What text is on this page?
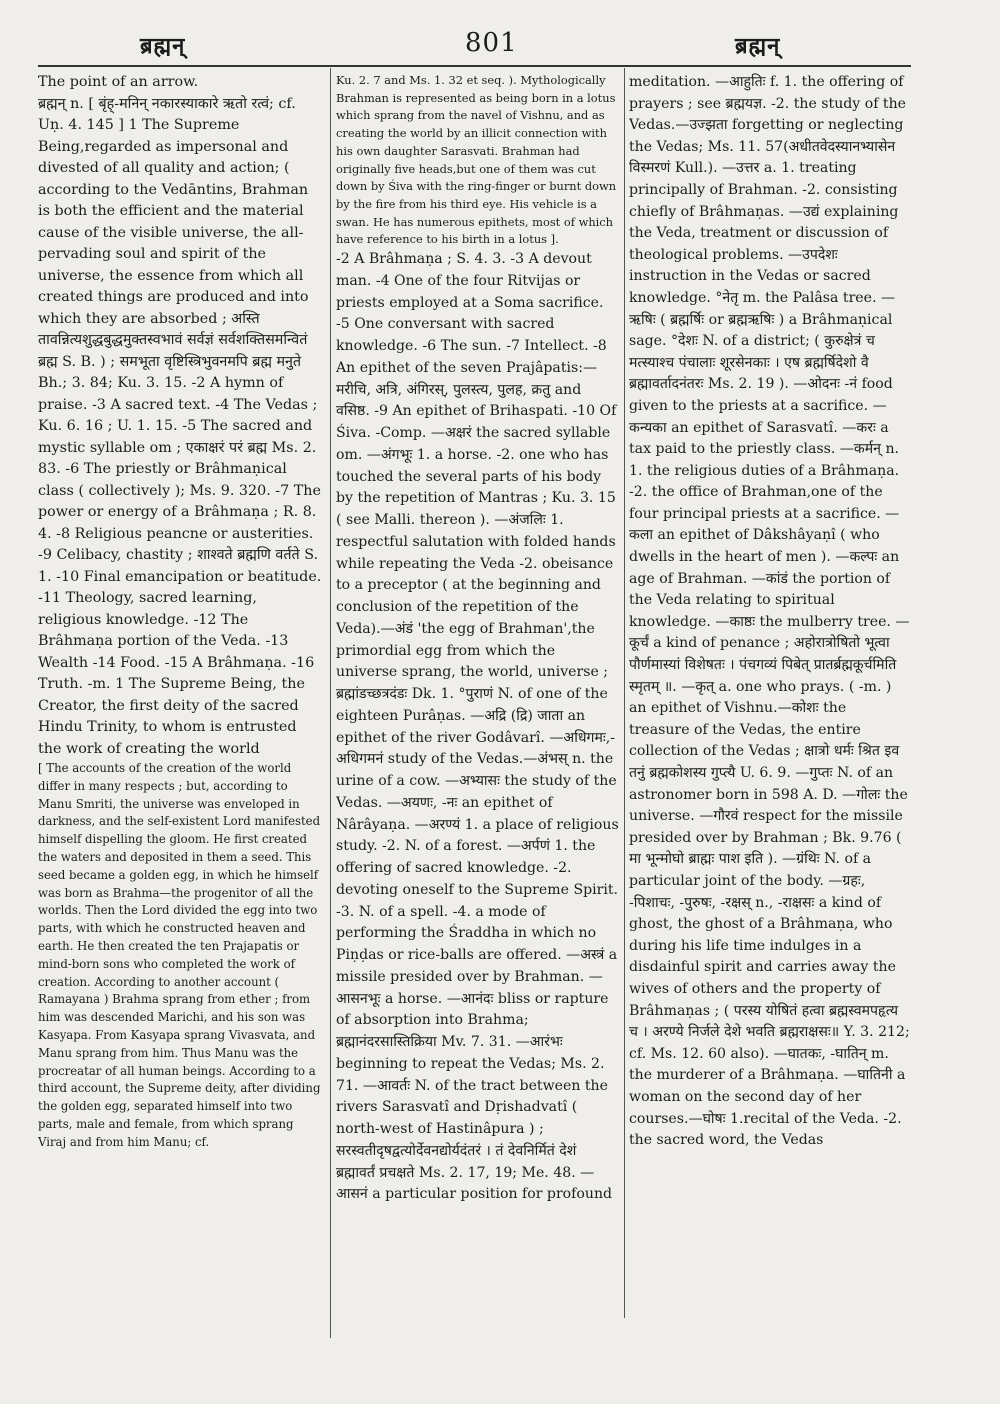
ब्रह्मन्	801	ब्रह्मन्

The point of an arrow.
ब्रह्मन् n. [ बृंह्-मनिन् नकारस्याकारे ऋतो रत्वं; cf. Uṇ. 4. 145 ] 1 The Supreme Being,regarded as impersonal and divested of all quality and action; ( according to the Vedāntins, Brahman is both the efficient and the material cause of the visible universe, the all-pervading soul and spirit of the universe, the essence from which all created things are produced and into which they are absorbed ; अस्ति तावन्नित्यशुद्धबुद्धमुक्तस्वभावं सर्वज्ञं सर्वशक्तिसमन्वितं ब्रह्म S. B. ) ; समभूता वृष्टिस्त्रिभुवनमपि ब्रह्म मनुते Bh.; 3. 84; Ku. 3. 15. -2 A hymn of praise. -3 A sacred text. -4 The Vedas ; Ku. 6. 16 ; U. 1. 15. -5 The sacred and mystic syllable om ; एकाक्षरं परं ब्रह्म Ms. 2. 83. -6 The priestly or Brâhmaṇical class ( collectively ); Ms. 9. 320. -7 The power or energy of a Brâhmaṇa ; R. 8. 4. -8 Religious peancne or austerities. -9 Celibacy, chastity ; शाश्वते ब्रह्मणि वर्तते S. 1. -10 Final emancipation or beatitude. -11 Theology, sacred learning, religious knowledge. -12 The Brâhmaṇa portion of the Veda. -13 Wealth -14 Food. -15 A Brâhmaṇa. -16 Truth. -m. 1 The Supreme Being, the Creator, the first deity of the sacred Hindu Trinity, to whom is entrusted the work of creating the world

[ The accounts of the creation of the world differ in many respects ; but, according to Manu Smriti, the universe was enveloped in darkness, and the self-existent Lord manifested himself dispelling the gloom. He first created the waters and deposited in them a seed. This seed became a golden egg, in which he himself was born as Brahma—the progenitor of all the worlds. Then the Lord divided the egg into two parts, with which he constructed heaven and earth. He then created the ten Prajapatis or mind-born sons who completed the work of creation. According to another account ( Ramayana ) Brahma sprang from ether ; from him was descended Marichi, and his son was Kasyapa. From Kasyapa sprang Vivasvata, and Manu sprang from him. Thus Manu was the procreatar of all human beings. According to a third account, the Supreme deity, after dividing the golden egg, separated himself into two parts, male and female, from which sprang Viraj and from him Manu; cf.

Ku. 2. 7 and Ms. 1. 32 et seq. ). Mythologically Brahman is represented as being born in a lotus which sprang from the navel of Vishnu, and as creating the world by an illicit connection with his own daughter Sarasvati. Brahman had originally five heads,but one of them was cut down by Śiva with the ring-finger or burnt down by the fire from his third eye. His vehicle is a swan. He has numerous epithets, most of which have reference to his birth in a lotus ].

-2 A Brâhmaṇa ; S. 4. 3. -3 A devout man. -4 One of the four Ritvijas or priests employed at a Soma sacrifice. -5 One conversant with sacred knowledge. -6 The sun. -7 Intellect. -8 An epithet of the seven Prajâpatis:—मरीचि, अत्रि, अंगिरस्, पुलस्त्य, पुलह, क्रतु and वसिष्ठ. -9 An epithet of Brihaspati. -10 Of Śiva. -Comp. —अक्षरं the sacred syllable om. —अंगभूः 1. a horse. -2. one who has touched the several parts of his body by the repetition of Mantras ; Ku. 3. 15 ( see Malli. thereon ). —अंजलिः 1. respectful salutation with folded hands while repeating the Veda -2. obeisance to a preceptor ( at the beginning and conclusion of the repetition of the Veda).—अंडं 'the egg of Brahman',the primordial egg from which the universe sprang, the world, universe ; ब्रह्मांडच्छत्रदंडः Dk. 1. °पुराणं N. of one of the eighteen Purâṇas. —अद्रि (द्रि) जाता an epithet of the river Godâvarî. —अधिगमः,-अधिगमनं study of the Vedas.—अंभस् n. the urine of a cow. —अभ्यासः the study of the Vedas. —अयणः, -नः an epithet of Nârâyaṇa. —अरण्यं 1. a place of religious study. -2. N. of a forest. —अर्पणं 1. the offering of sacred knowledge. -2. devoting oneself to the Supreme Spirit. -3. N. of a spell. -4. a mode of performing the Śraddha in which no Piṇḍas or rice-balls are offered. —अस्त्रं a missile presided over by Brahman. —आसनभूः a horse. —आनंदः bliss or rapture of absorption into Brahma; ब्रह्मानंदरसास्तिक्रिया Mv. 7. 31. —आरंभः beginning to repeat the Vedas; Ms. 2. 71. —आवर्तः N. of the tract between the rivers Sarasvatî and Dṛishadvatî ( north-west of Hastinâpura ) ; सरस्वतीदृषद्वत्योर्देवनद्योर्यदंतरं । तं देवनिर्मितं देशं ब्रह्मावर्तं प्रचक्षते Ms. 2. 17, 19; Me. 48. —आसनं a particular position for profound

meditation. —आहुतिः f. 1. the offering of prayers ; see ब्रह्मयज्ञ. -2. the study of the Vedas.—उज्झता forgetting or neglecting the Vedas; Ms. 11. 57(अधीतवेदस्यानभ्यासेन विस्मरणं Kull.). —उत्तर a. 1. treating principally of Brahman. -2. consisting chiefly of Brâhmaṇas. —उद्यं explaining the Veda, treatment or discussion of theological problems. —उपदेशः instruction in the Vedas or sacred knowledge. °नेतृ m. the Palâsa tree. —ऋषिः ( ब्रह्मर्षिः or ब्रह्मऋषिः ) a Brâhmaṇical sage. °देशः N. of a district; ( कुरुक्षेत्रं च मत्स्याश्च पंचालाः शूरसेनकाः । एष ब्रह्मर्षिदेशो वै ब्रह्मावर्तादनंतरः Ms. 2. 19 ). —ओदनः -नं food given to the priests at a sacrifice. —कन्यका an epithet of Sarasvatî. —करः a tax paid to the priestly class. —कर्मन् n. 1. the religious duties of a Brâhmaṇa. -2. the office of Brahman,one of the four principal priests at a sacrifice. —कला an epithet of Dâkshâyaṇî ( who dwells in the heart of men ). —कल्पः an age of Brahman. —कांडं the portion of the Veda relating to spiritual knowledge. —काष्ठः the mulberry tree. —कूर्चं a kind of penance ; अहोरात्रोषितो भूत्वा पौर्णमास्यां विशेषतः । पंचगव्यं पिबेत् प्रातर्ब्रह्मकूर्चमिति स्मृतम् ॥. —कृत् a. one who prays. ( -m. ) an epithet of Vishnu.—कोशः the treasure of the Vedas, the entire collection of the Vedas ; क्षात्रो धर्मः श्रित इव तनुं ब्रह्मकोशस्य गुप्त्यै U. 6. 9. —गुप्तः N. of an astronomer born in 598 A. D. —गोलः the universe. —गौरवं respect for the missile presided over by Brahman ; Bk. 9.76 ( मा भून्मोघो ब्राह्मः पाश इति ). —ग्रंथिः N. of a particular joint of the body. —ग्रहः, -पिशाचः, -पुरुषः, -रक्षस् n., -राक्षसः a kind of ghost, the ghost of a Brâhmaṇa, who during his life time indulges in a disdainful spirit and carries away the wives of others and the property of Brâhmaṇas ; ( परस्य योषितं हत्वा ब्रह्मस्वमपहृत्य च । अरण्ये निर्जले देशे भवति ब्रह्मराक्षसः॥ Y. 3. 212; cf. Ms. 12. 60 also). —घातकः, -घातिन् m. the murderer of a Brâhmaṇa. —घातिनी a woman on the second day of her courses.—घोषः 1.recital of the Veda. -2. the sacred word, the Vedas
